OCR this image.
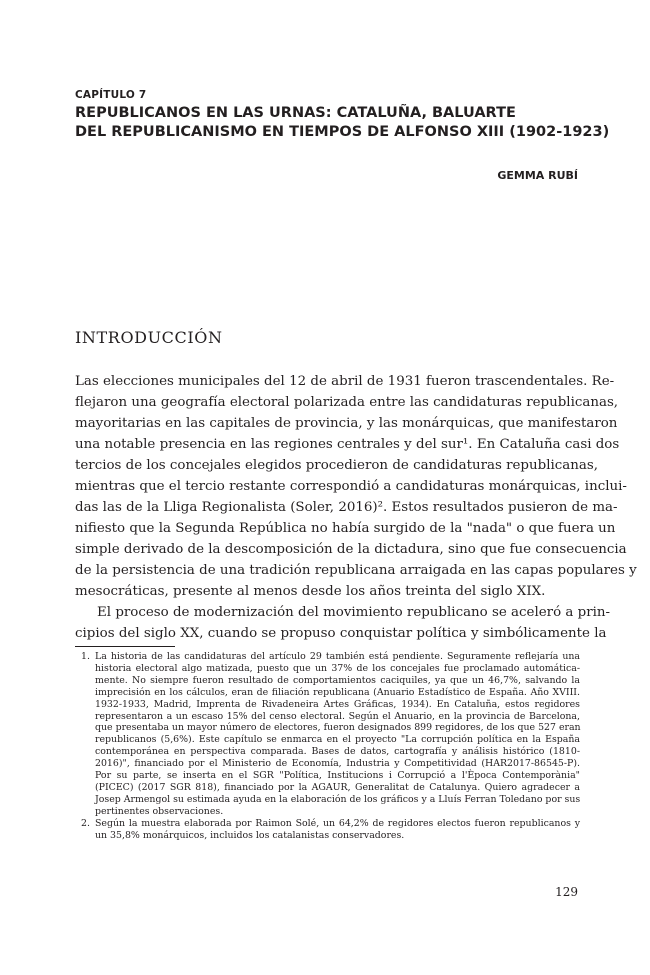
CAPÍTULO 7

REPUBLICANOS EN LAS URNAS: CATALUÑA, BALUARTE
DEL REPUBLICANISMO EN TIEMPOS DE ALFONSO XIII (1902-1923)

GEMMA RUBÍ

INTRODUCCIÓN
Las elecciones municipales del 12 de abril de 1931 fueron trascendentales. Re-
flejaron una geografía electoral polarizada entre las candidaturas republicanas,
mayoritarias en las capitales de provincia, y las monárquicas, que manifestaron
una notable presencia en las regiones centrales y del sur¹. En Cataluña casi dos
tercios de los concejales elegidos procedieron de candidaturas republicanas,
mientras que el tercio restante correspondió a candidaturas monárquicas, inclui-
das las de la Lliga Regionalista (Soler, 2016)². Estos resultados pusieron de ma-
nifiesto que la Segunda República no había surgido de la "nada" o que fuera un
simple derivado de la descomposición de la dictadura, sino que fue consecuencia
de la persistencia de una tradición republicana arraigada en las capas populares y
mesocráticas, presente al menos desde los años treinta del siglo XIX.
El proceso de modernización del movimiento republicano se aceleró a prin-
cipios del siglo XX, cuando se propuso conquistar política y simbólicamente la
1. La historia de las candidaturas del artículo 29 también está pendiente. Seguramente reflejaría una
historia electoral algo matizada, puesto que un 37% de los concejales fue proclamado automática-
mente. No siempre fueron resultado de comportamientos caciquiles, ya que un 46,7%, salvando la
imprecisión en los cálculos, eran de filiación republicana (Anuario Estadístico de España. Año XVIII.
1932-1933, Madrid, Imprenta de Rivadeneira Artes Gráficas, 1934). En Cataluña, estos regidores
representaron a un escaso 15% del censo electoral. Según el Anuario, en la provincia de Barcelona,
que presentaba un mayor número de electores, fueron designados 899 regidores, de los que 527 eran
republicanos (5,6%). Este capítulo se enmarca en el proyecto "La corrupción política en la España
contemporánea en perspectiva comparada. Bases de datos, cartografía y análisis histórico (1810-
2016)", financiado por el Ministerio de Economía, Industria y Competitividad (HAR2017-86545-P).
Por su parte, se inserta en el SGR "Política, Institucions i Corrupció a l'Època Contemporània"
(PICEC) (2017 SGR 818), financiado por la AGAUR, Generalitat de Catalunya. Quiero agradecer a
Josep Armengol su estimada ayuda en la elaboración de los gráficos y a Lluís Ferran Toledano por sus
pertinentes observaciones.
2. Según la muestra elaborada por Raimon Solé, un 64,2% de regidores electos fueron republicanos y
un 35,8% monárquicos, incluidos los catalanistas conservadores.

129
